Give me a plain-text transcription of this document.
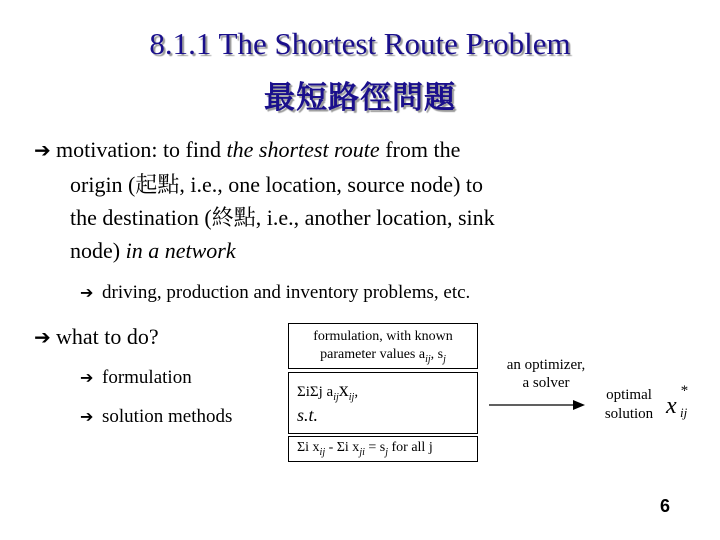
8.1.1 The Shortest Route Problem
最短路徑問題
➔ motivation: to find the shortest route from the
origin (起點, i.e., one location, source node) to
the destination (終點, i.e., another location, sink
node) in a network
➔ driving, production and inventory problems, etc.
➔ what to do?
➔ formulation
➔ solution methods
formulation, with known
parameter values $a_{ij}$, $s_j$
ΣiΣj $a_{ij}x_{ij}$,
s.t.
Σi $x_{ij}$ - Σi $x_{ji} = s_j$ for all j
an optimizer,
a solver
optimal
solution x
*
ij
6
